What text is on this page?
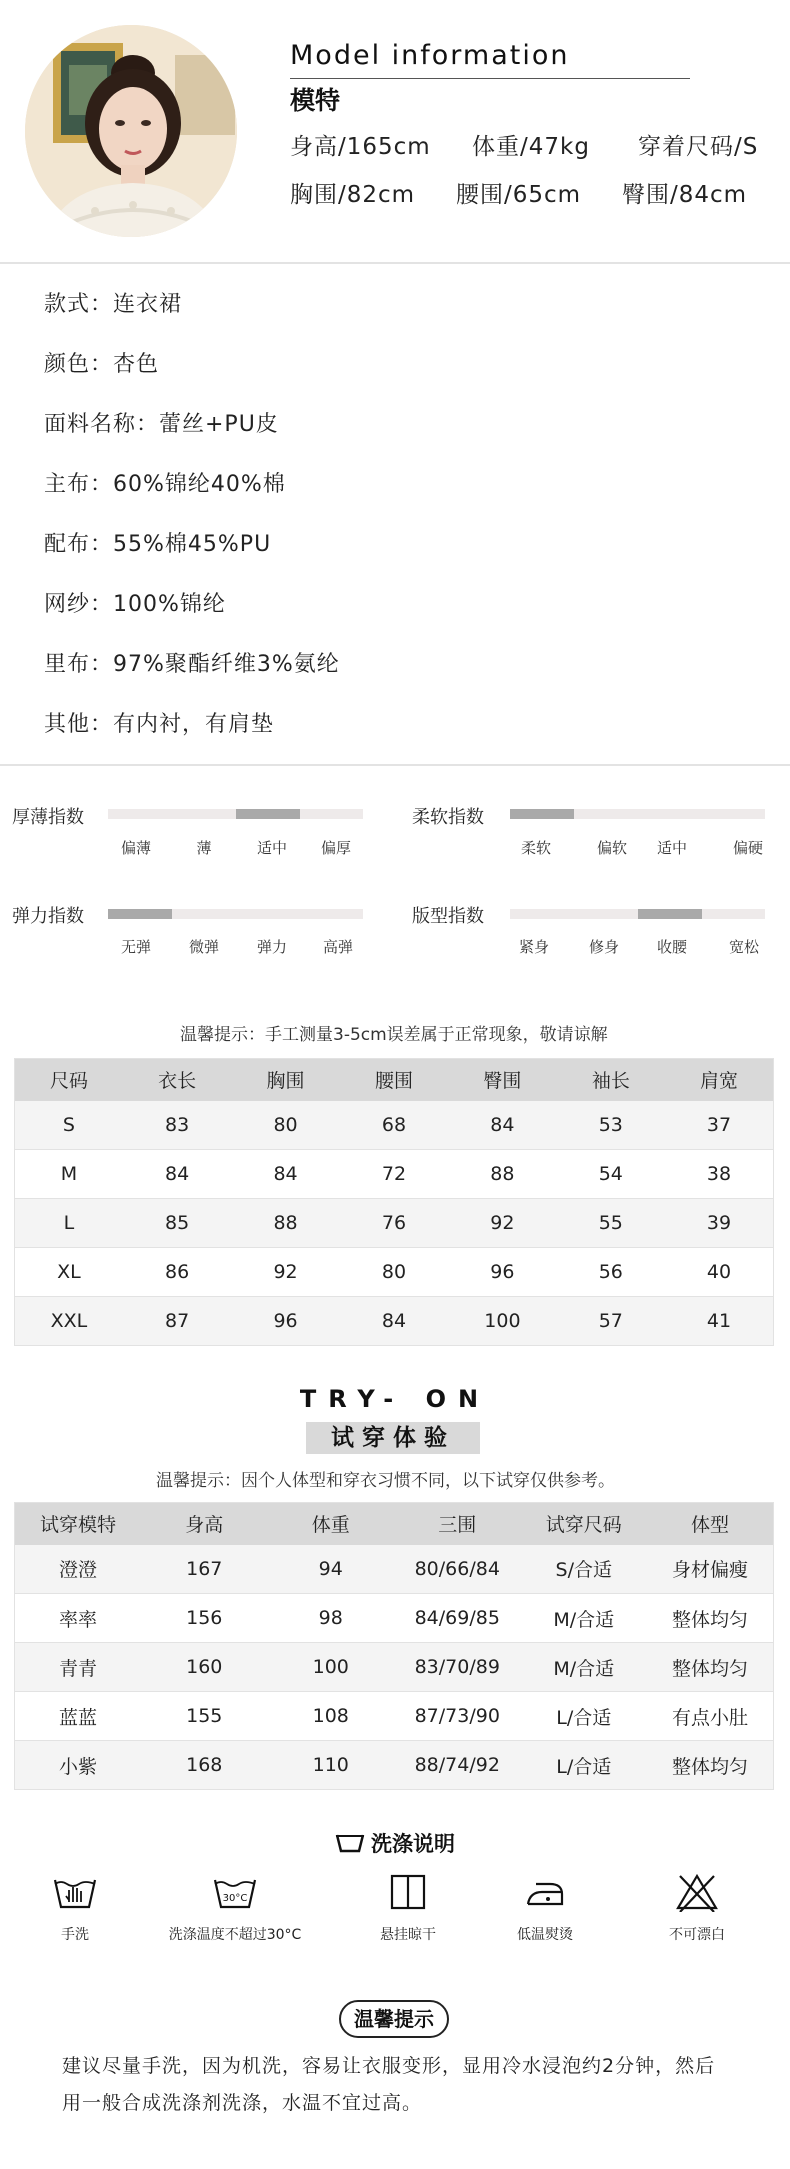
Model information
模特
身高/165cm 体重/47kg 穿着尺码/S
胸围/82cm 腰围/65cm 臀围/84cm
款式：连衣裙
颜色：杏色
面料名称：蕾丝+PU皮
主布：60%锦纶40%棉
配布：55%棉45%PU
网纱：100%锦纶
里布：97%聚酯纤维3%氨纶
其他：有内衬，有肩垫
厚薄指数
偏薄	薄	适中 偏厚
柔软指数
柔软	偏软 适中	偏硬
弹力指数
无弹	微弹	弹力 高弹
版型指数
紧身	修身	收腰	宽松
温馨提示：手工测量3-5cm误差属于正常现象，敬请谅解
尺码	衣长	胸围	腰围	臀围	袖长	肩宽
S	83	80	68	84	53	37
M	84	84	72	88	54	38
L	85	88	76	92	55	39
XL	86	92	80	96	56	40
XXL	87	96	84	100	57	41
TRY- ON
试穿体验
温馨提示：因个人体型和穿衣习惯不同，以下试穿仅供参考。
试穿模特	身高	体重	三围	试穿尺码	体型
澄澄	167	94	80/66/84	S/合适	身材偏瘦
率率	156	98	84/69/85	M/合适	整体均匀
青青	160	100	83/70/89	M/合适	整体均匀
蓝蓝	155	108	87/73/90	L/合适	有点小肚
小紫	168	110	88/74/92	L/合适	整体均匀
洗涤说明
手洗
30°C
洗涤温度不超过30°C	悬挂晾干	低温熨烫	不可漂白
温馨提示
建议尽量手洗，因为机洗，容易让衣服变形，显用冷水浸泡约2分钟，然后
用一般合成洗涤剂洗涤，水温不宜过高。
